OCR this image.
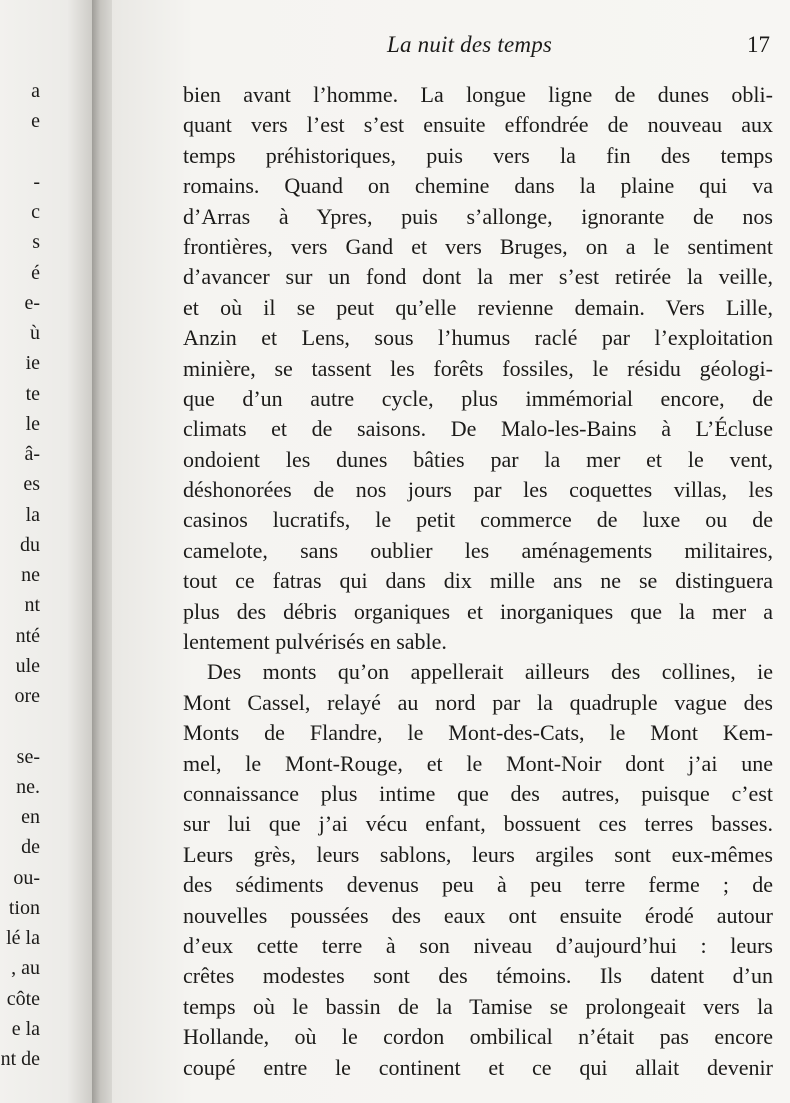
a
e
-
c
s
é
e-
ù
ie
te
le
â-
es
la
du
ne
nt
nté
ule
ore
se-
ne.
en
de
ou-
tion
lé la
, au
côte
e la
nt de
La nuit des temps	17
bien avant l’homme. La longue ligne de dunes obli-
quant vers l’est s’est ensuite effondrée de nouveau aux
temps préhistoriques, puis vers la fin des temps
romains. Quand on chemine dans la plaine qui va
d’Arras à Ypres, puis s’allonge, ignorante de nos
frontières, vers Gand et vers Bruges, on a le sentiment
d’avancer sur un fond dont la mer s’est retirée la veille,
et où il se peut qu’elle revienne demain. Vers Lille,
Anzin et Lens, sous l’humus raclé par l’exploitation
minière, se tassent les forêts fossiles, le résidu géologi-
que d’un autre cycle, plus immémorial encore, de
climats et de saisons. De Malo-les-Bains à L’Écluse
ondoient les dunes bâties par la mer et le vent,
déshonorées de nos jours par les coquettes villas, les
casinos lucratifs, le petit commerce de luxe ou de
camelote, sans oublier les aménagements militaires,
tout ce fatras qui dans dix mille ans ne se distinguera
plus des débris organiques et inorganiques que la mer a
lentement pulvérisés en sable.
Des monts qu’on appellerait ailleurs des collines, ie
Mont Cassel, relayé au nord par la quadruple vague des
Monts de Flandre, le Mont-des-Cats, le Mont Kem-
mel, le Mont-Rouge, et le Mont-Noir dont j’ai une
connaissance plus intime que des autres, puisque c’est
sur lui que j’ai vécu enfant, bossuent ces terres basses.
Leurs grès, leurs sablons, leurs argiles sont eux-mêmes
des sédiments devenus peu à peu terre ferme ; de
nouvelles poussées des eaux ont ensuite érodé autour
d’eux cette terre à son niveau d’aujourd’hui : leurs
crêtes modestes sont des témoins. Ils datent d’un
temps où le bassin de la Tamise se prolongeait vers la
Hollande, où le cordon ombilical n’était pas encore
coupé entre le continent et ce qui allait devenir
